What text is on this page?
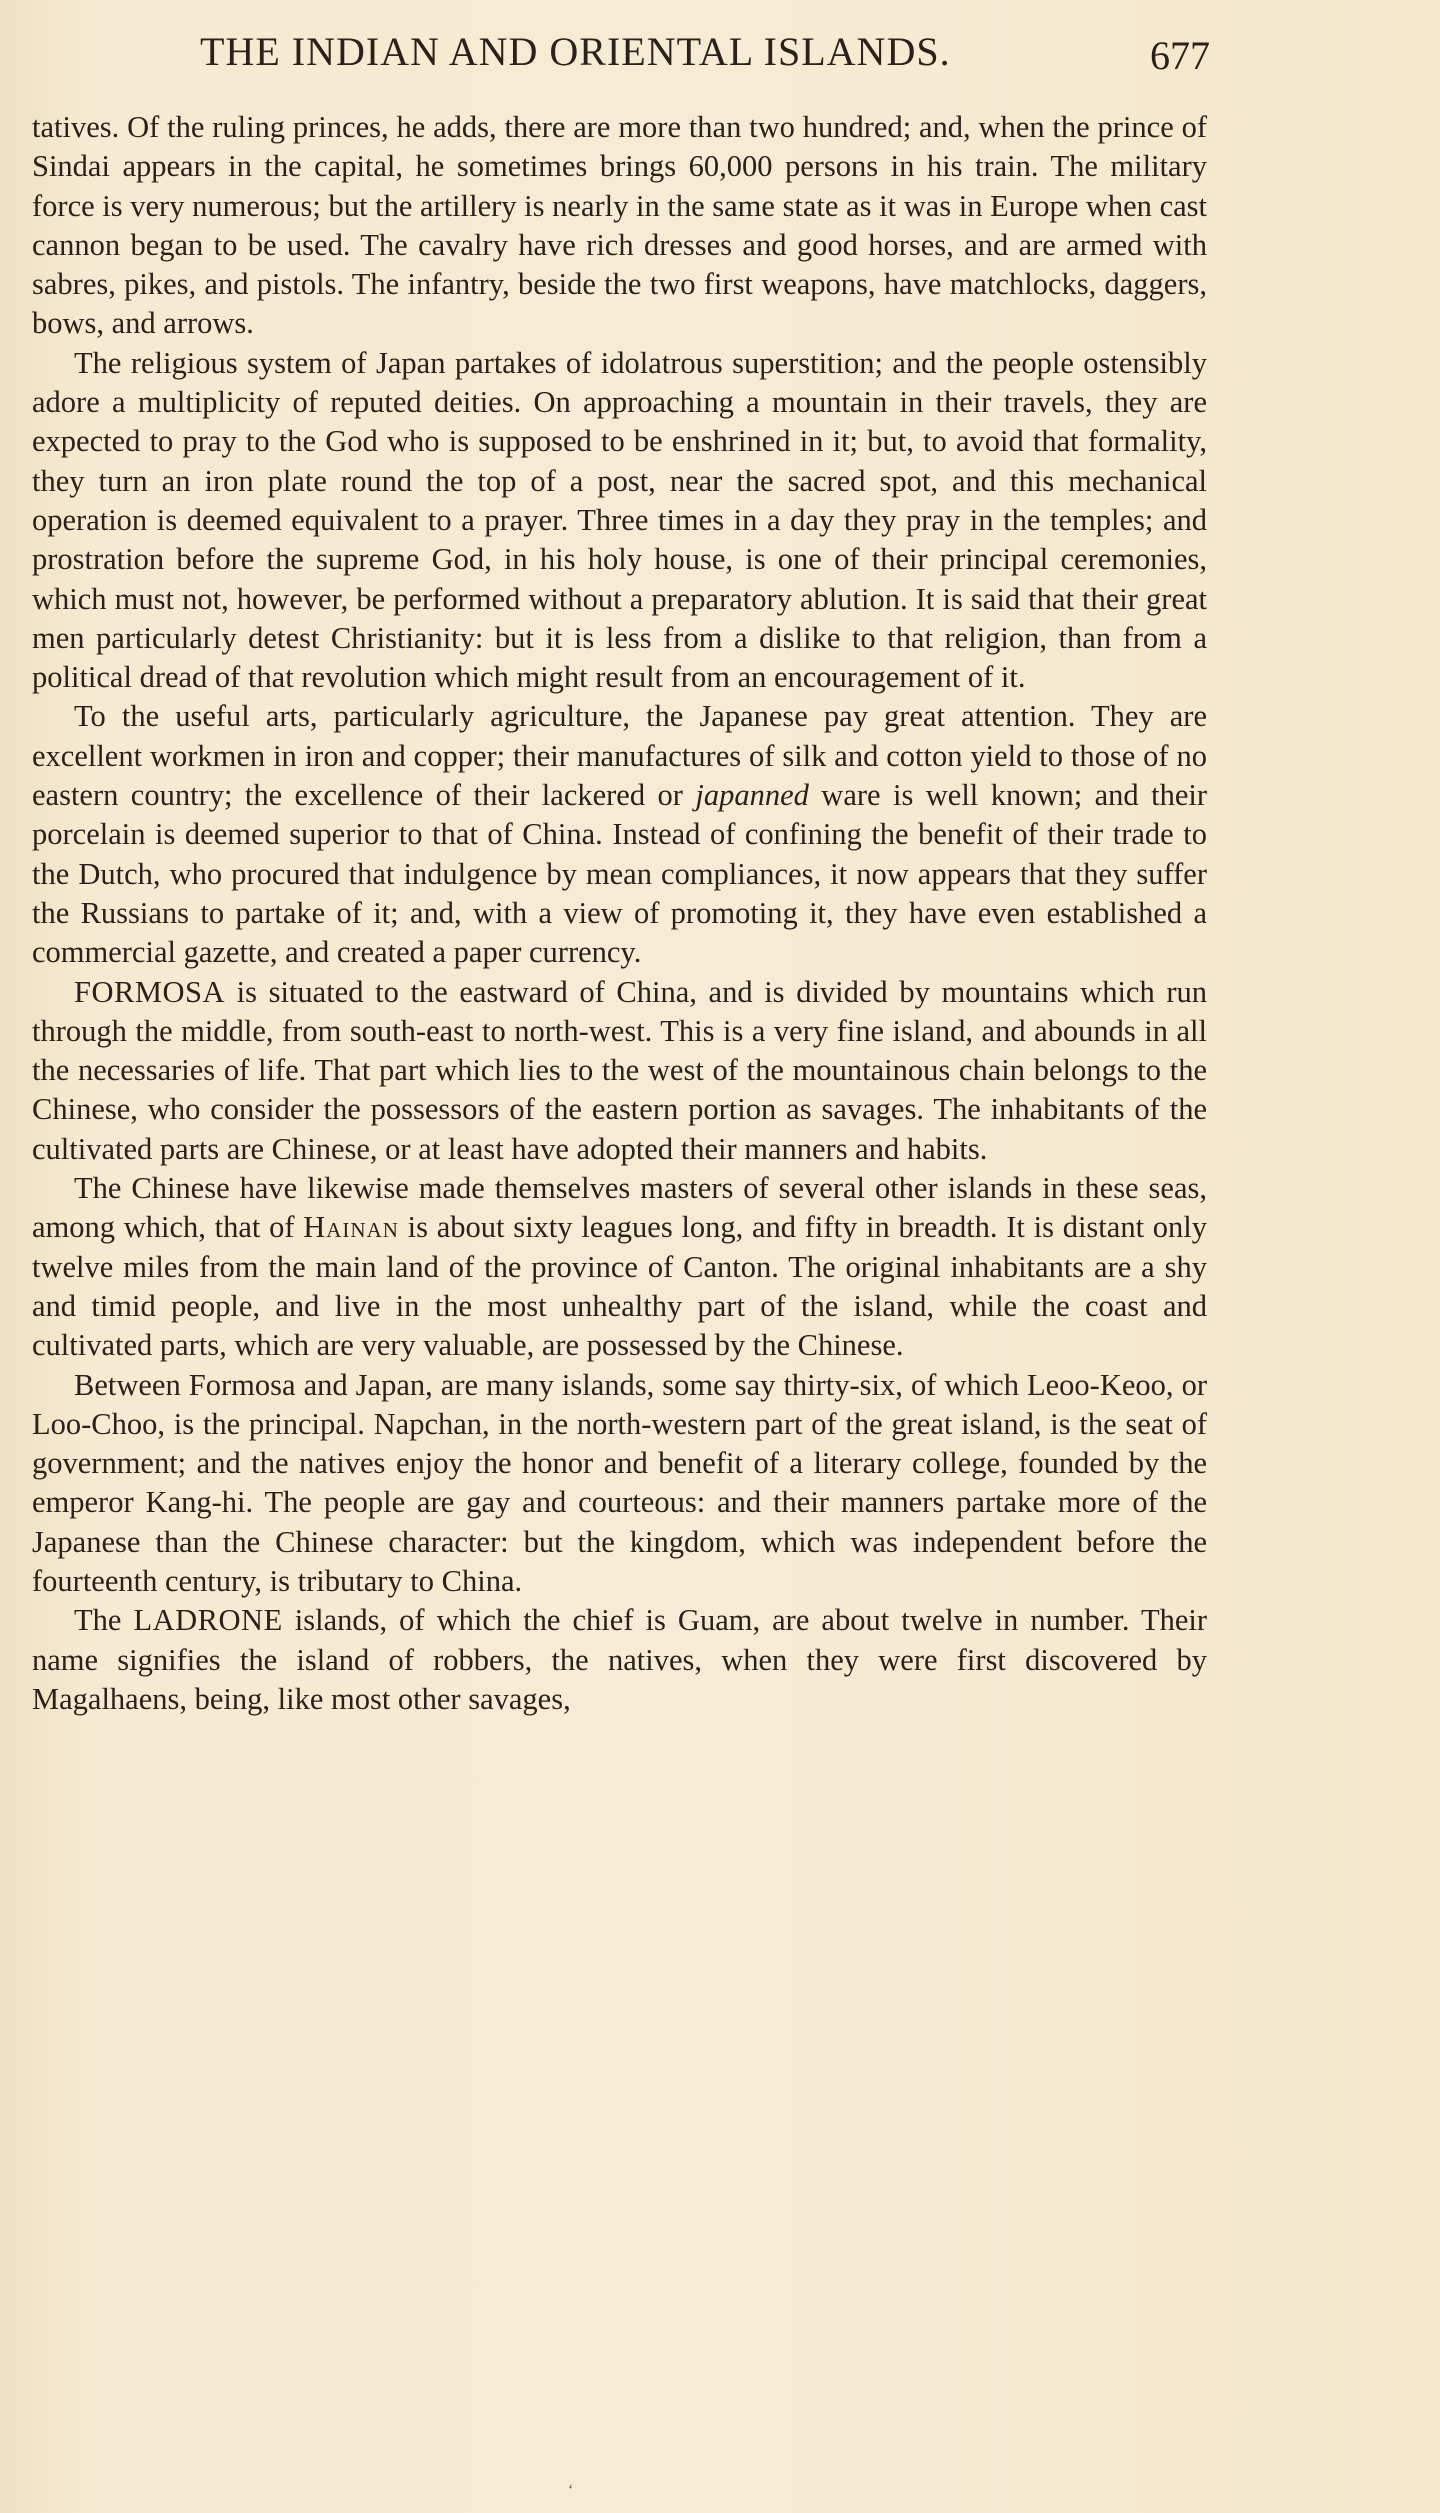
THE INDIAN AND ORIENTAL ISLANDS.	677

tatives. Of the ruling princes, he adds, there are more than two hundred; and, when the prince of Sindai appears in the capital, he sometimes brings 60,000 persons in his train. The military force is very numerous; but the artillery is nearly in the same state as it was in Europe when cast cannon began to be used. The cavalry have rich dresses and good horses, and are armed with sabres, pikes, and pistols. The infantry, beside the two first weapons, have matchlocks, daggers, bows, and arrows.

The religious system of Japan partakes of idolatrous superstition; and the people ostensibly adore a multiplicity of reputed deities. On approaching a mountain in their travels, they are expected to pray to the God who is supposed to be enshrined in it; but, to avoid that formality, they turn an iron plate round the top of a post, near the sacred spot, and this mechanical operation is deemed equivalent to a prayer. Three times in a day they pray in the temples; and prostration before the supreme God, in his holy house, is one of their principal ceremonies, which must not, however, be performed without a preparatory ablution. It is said that their great men particularly detest Christianity: but it is less from a dislike to that religion, than from a political dread of that revolution which might result from an encouragement of it.

To the useful arts, particularly agriculture, the Japanese pay great attention. They are excellent workmen in iron and copper; their manufactures of silk and cotton yield to those of no eastern country; the excellence of their lackered or japanned ware is well known; and their porcelain is deemed superior to that of China. Instead of confining the benefit of their trade to the Dutch, who procured that indulgence by mean compliances, it now appears that they suffer the Russians to partake of it; and, with a view of promoting it, they have even established a commercial gazette, and created a paper currency.

FORMOSA is situated to the eastward of China, and is divided by mountains which run through the middle, from south-east to north-west. This is a very fine island, and abounds in all the necessaries of life. That part which lies to the west of the mountainous chain belongs to the Chinese, who consider the possessors of the eastern portion as savages. The inhabitants of the cultivated parts are Chinese, or at least have adopted their manners and habits.

The Chinese have likewise made themselves masters of several other islands in these seas, among which, that of Hainan is about sixty leagues long, and fifty in breadth. It is distant only twelve miles from the main land of the province of Canton. The original inhabitants are a shy and timid people, and live in the most unhealthy part of the island, while the coast and cultivated parts, which are very valuable, are possessed by the Chinese.

Between Formosa and Japan, are many islands, some say thirty-six, of which Leoo-Keoo, or Loo-Choo, is the principal. Napchan, in the north-western part of the great island, is the seat of government; and the natives enjoy the honor and benefit of a literary college, founded by the emperor Kang-hi. The people are gay and courteous: and their manners partake more of the Japanese than the Chinese character: but the kingdom, which was independent before the fourteenth century, is tributary to China.

The LADRONE islands, of which the chief is Guam, are about twelve in number. Their name signifies the island of robbers, the natives, when they were first discovered by Magalhaens, being, like most other savages,

‘
